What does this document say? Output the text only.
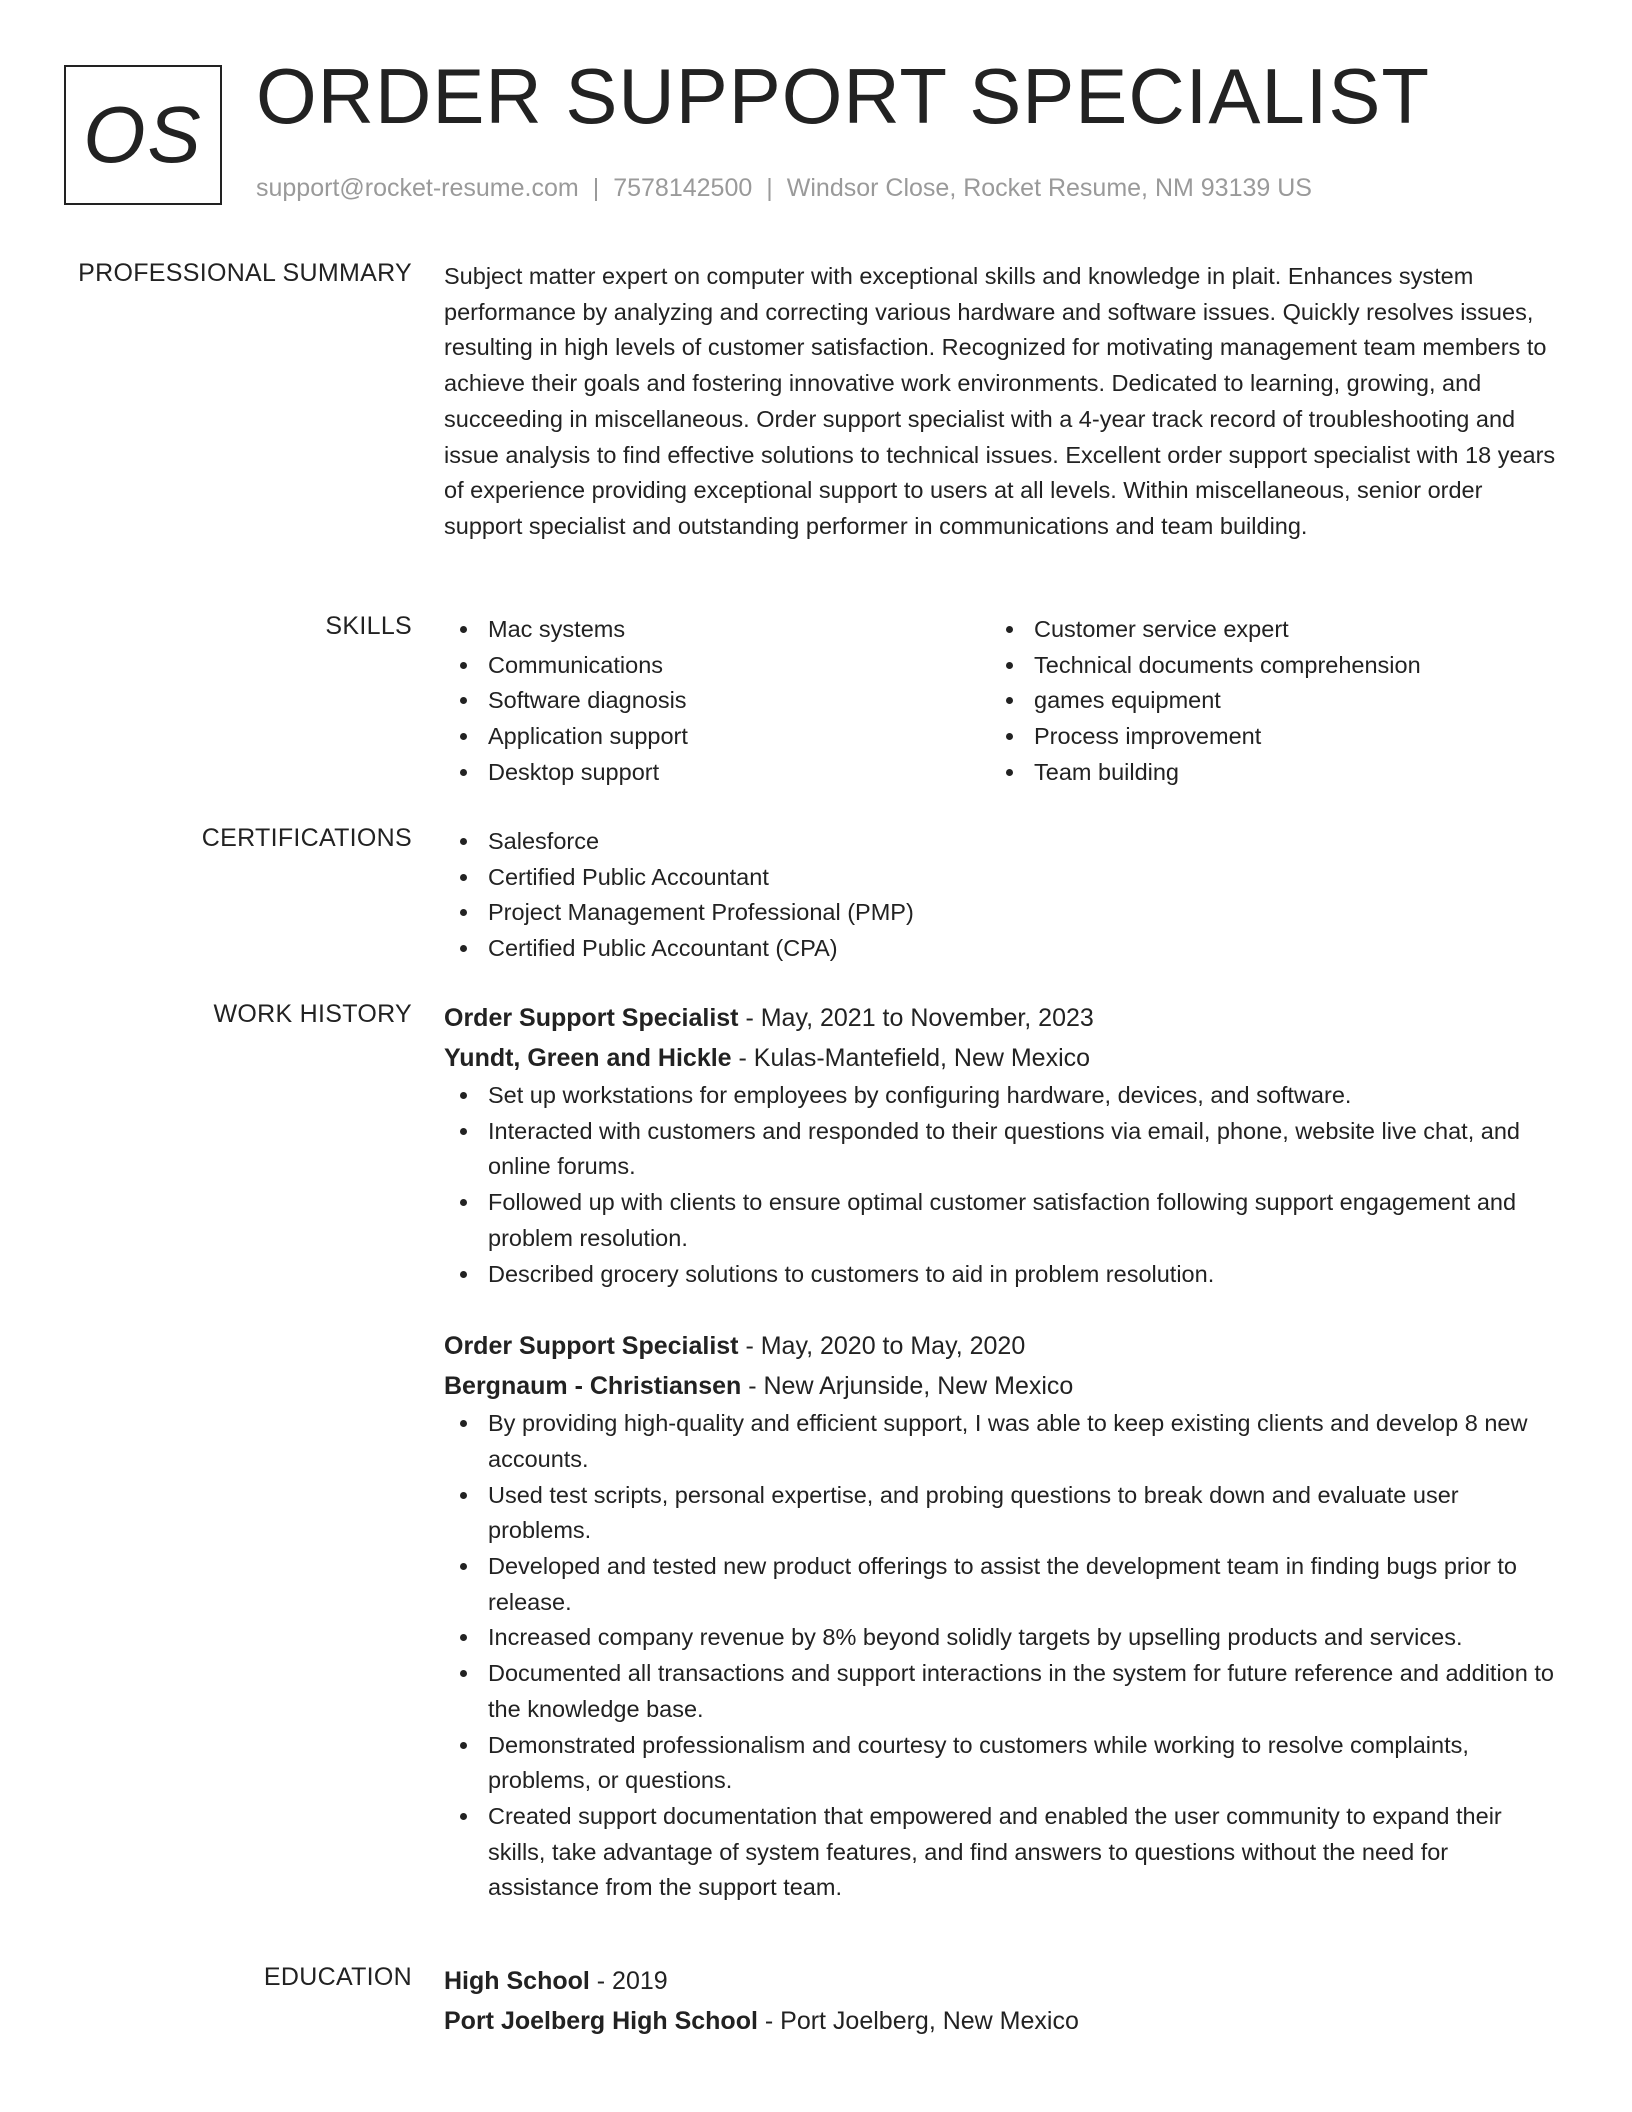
OS ORDER SUPPORT SPECIALIST
support@rocket-resume.com | 7578142500 | Windsor Close, Rocket Resume, NM 93139 US
PROFESSIONAL SUMMARY Subject matter expert on computer with exceptional skills and knowledge in plait. Enhances system performance by analyzing and correcting various hardware and software issues. Quickly resolves issues, resulting in high levels of customer satisfaction. Recognized for motivating management team members to achieve their goals and fostering innovative work environments. Dedicated to learning, growing, and succeeding in miscellaneous. Order support specialist with a 4-year track record of troubleshooting and issue analysis to find effective solutions to technical issues. Excellent order support specialist with 18 years of experience providing exceptional support to users at all levels. Within miscellaneous, senior order support specialist and outstanding performer in communications and team building.

SKILLS	Mac systems
Communications
Software diagnosis
Application support
Desktop support
Customer service expert
Technical documents comprehension
games equipment
Process improvement
Team building
CERTIFICATIONS	Salesforce
Certified Public Accountant
Project Management Professional (PMP)
Certified Public Accountant (CPA)
WORK HISTORY Order Support Specialist - May, 2021 to November, 2023
Yundt, Green and Hickle - Kulas-Mantefield, New Mexico
Set up workstations for employees by configuring hardware, devices, and software.
Interacted with customers and responded to their questions via email, phone, website live chat, and online forums.
Followed up with clients to ensure optimal customer satisfaction following support engagement and problem resolution.
Described grocery solutions to customers to aid in problem resolution.
Order Support Specialist - May, 2020 to May, 2020
Bergnaum - Christiansen - New Arjunside, New Mexico
By providing high-quality and efficient support, I was able to keep existing clients and develop 8 new accounts.
Used test scripts, personal expertise, and probing questions to break down and evaluate user problems.
Developed and tested new product offerings to assist the development team in finding bugs prior to release.
Increased company revenue by 8% beyond solidly targets by upselling products and services.
Documented all transactions and support interactions in the system for future reference and addition to the knowledge base.
Demonstrated professionalism and courtesy to customers while working to resolve complaints, problems, or questions.
Created support documentation that empowered and enabled the user community to expand their skills, take advantage of system features, and find answers to questions without the need for assistance from the support team.
EDUCATION High School - 2019
Port Joelberg High School - Port Joelberg, New Mexico
